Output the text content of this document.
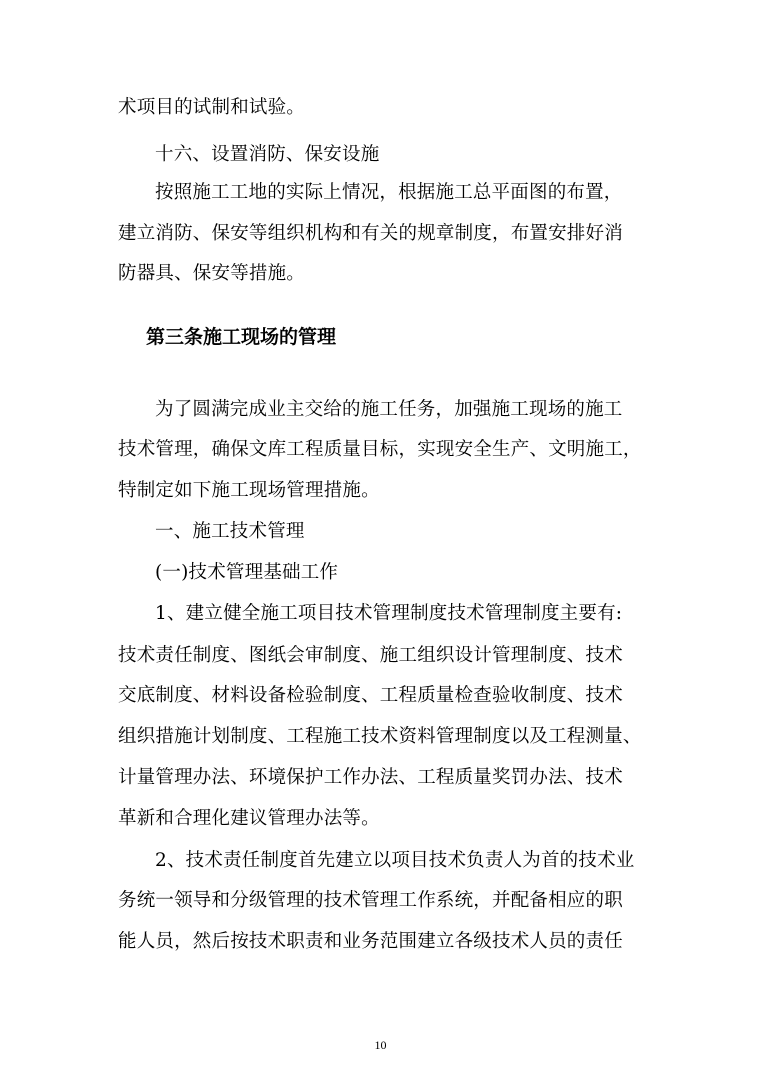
术项目的试制和试验。
十六、设置消防、保安设施
按照施工工地的实际上情况，根据施工总平面图的布置，
建立消防、保安等组织机构和有关的规章制度，布置安排好消
防器具、保安等措施。
第三条施工现场的管理
为了圆满完成业主交给的施工任务，加强施工现场的施工
技术管理，确保文库工程质量目标，实现安全生产、文明施工，
特制定如下施工现场管理措施。
一、施工技术管理
(一)技术管理基础工作
1、建立健全施工项目技术管理制度技术管理制度主要有:
技术责任制度、图纸会审制度、施工组织设计管理制度、技术
交底制度、材料设备检验制度、工程质量检查验收制度、技术
组织措施计划制度、工程施工技术资料管理制度以及工程测量、
计量管理办法、环境保护工作办法、工程质量奖罚办法、技术
革新和合理化建议管理办法等。
2、技术责任制度首先建立以项目技术负责人为首的技术业
务统一领导和分级管理的技术管理工作系统，并配备相应的职
能人员，然后按技术职责和业务范围建立各级技术人员的责任
10
